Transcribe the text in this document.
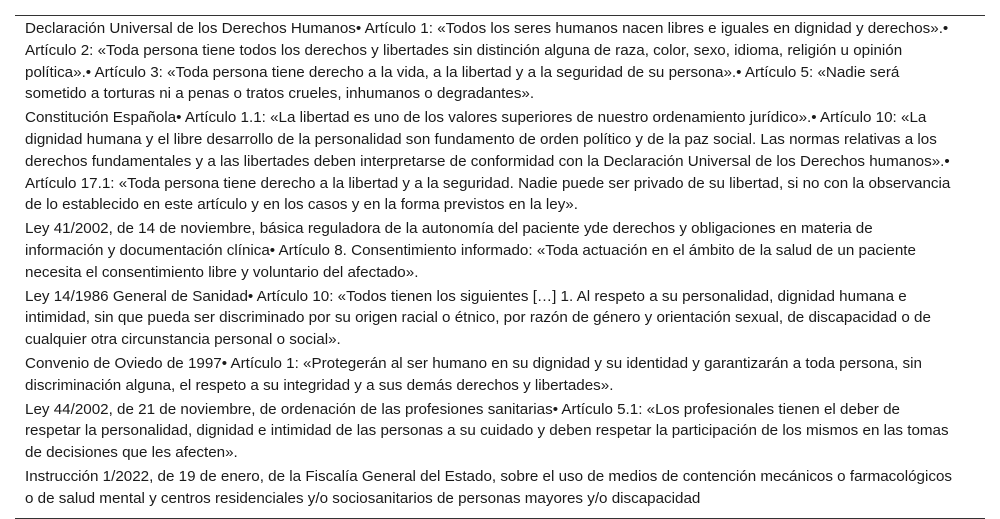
Declaración Universal de los Derechos Humanos• Artículo 1: «Todos los seres humanos nacen libres e iguales en dignidad y derechos».• Artículo 2: «Toda persona tiene todos los derechos y libertades sin distinción alguna de raza, color, sexo, idioma, religión u opinión política».• Artículo 3: «Toda persona tiene derecho a la vida, a la libertad y a la seguridad de su persona».• Artículo 5: «Nadie será sometido a torturas ni a penas o tratos crueles, inhumanos o degradantes».
Constitución Española• Artículo 1.1: «La libertad es uno de los valores superiores de nuestro ordenamiento jurídico».• Artículo 10: «La dignidad humana y el libre desarrollo de la personalidad son fundamento de orden político y de la paz social. Las normas relativas a los derechos fundamentales y a las libertades deben interpretarse de conformidad con la Declaración Universal de los Derechos humanos».• Artículo 17.1: «Toda persona tiene derecho a la libertad y a la seguridad. Nadie puede ser privado de su libertad, si no con la observancia de lo establecido en este artículo y en los casos y en la forma previstos en la ley».
Ley 41/2002, de 14 de noviembre, básica reguladora de la autonomía del paciente yde derechos y obligaciones en materia de información y documentación clínica• Artículo 8. Consentimiento informado: «Toda actuación en el ámbito de la salud de un paciente necesita el consentimiento libre y voluntario del afectado».
Ley 14/1986 General de Sanidad• Artículo 10: «Todos tienen los siguientes […] 1. Al respeto a su personalidad, dignidad humana e intimidad, sin que pueda ser discriminado por su origen racial o étnico, por razón de género y orientación sexual, de discapacidad o de cualquier otra circunstancia personal o social».
Convenio de Oviedo de 1997• Artículo 1: «Protegerán al ser humano en su dignidad y su identidad y garantizarán a toda persona, sin discriminación alguna, el respeto a su integridad y a sus demás derechos y libertades».
Ley 44/2002, de 21 de noviembre, de ordenación de las profesiones sanitarias• Artículo 5.1: «Los profesionales tienen el deber de respetar la personalidad, dignidad e intimidad de las personas a su cuidado y deben respetar la participación de los mismos en las tomas de decisiones que les afecten».
Instrucción 1/2022, de 19 de enero, de la Fiscalía General del Estado, sobre el uso de medios de contención mecánicos o farmacológicos o de salud mental y centros residenciales y/o sociosanitarios de personas mayores y/o discapacidad
